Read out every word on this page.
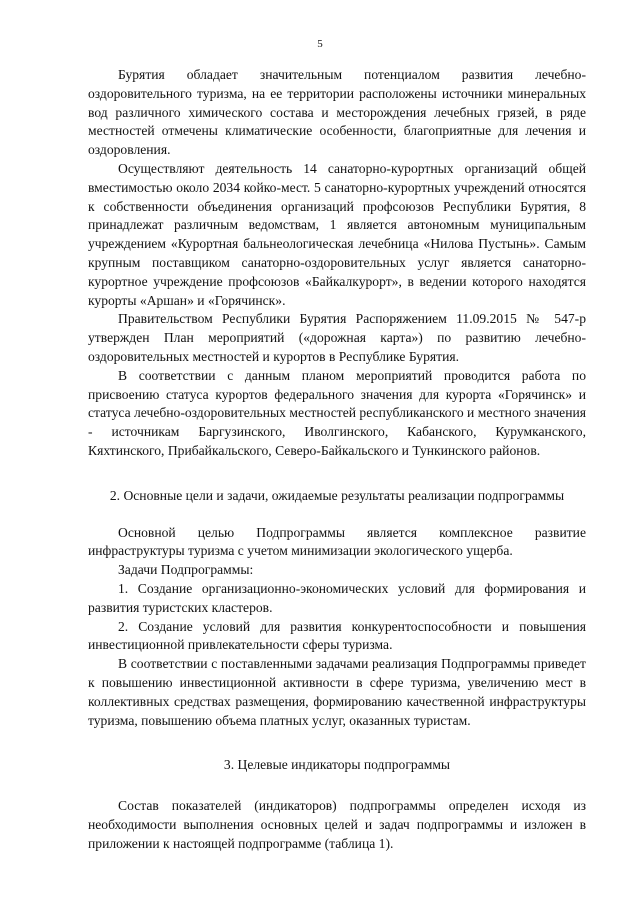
5

Бурятия обладает значительным потенциалом развития лечебно-оздоровительного туризма, на ее территории расположены источники минеральных вод различного химического состава и месторождения лечебных грязей, в ряде местностей отмечены климатические особенности, благоприятные для лечения и оздоровления.

Осуществляют деятельность 14 санаторно-курортных организаций общей вместимостью около 2034 койко-мест. 5 санаторно-курортных учреждений относятся к собственности объединения организаций профсоюзов Республики Бурятия, 8 принадлежат различным ведомствам, 1 является автономным муниципальным учреждением «Курортная бальнеологическая лечебница «Нилова Пустынь». Самым крупным поставщиком санаторно-оздоровительных услуг является санаторно-курортное учреждение профсоюзов «Байкалкурорт», в ведении которого находятся курорты «Аршан» и «Горячинск».

Правительством Республики Бурятия Распоряжением 11.09.2015 № 547-р утвержден План мероприятий («дорожная карта») по развитию лечебно-оздоровительных местностей и курортов в Республике Бурятия.

В соответствии с данным планом мероприятий проводится работа по присвоению статуса курортов федерального значения для курорта «Горячинск» и статуса лечебно-оздоровительных местностей республиканского и местного значения - источникам Баргузинского, Иволгинского, Кабанского, Курумканского, Кяхтинского, Прибайкальского, Северо-Байкальского и Тункинского районов.

2. Основные цели и задачи, ожидаемые результаты реализации подпрограммы

Основной целью Подпрограммы является комплексное развитие инфраструктуры туризма с учетом минимизации экологического ущерба.

Задачи Подпрограммы:

1. Создание организационно-экономических условий для формирования и развития туристских кластеров.

2. Создание условий для развития конкурентоспособности и повышения инвестиционной привлекательности сферы туризма.

В соответствии с поставленными задачами реализация Подпрограммы приведет к повышению инвестиционной активности в сфере туризма, увеличению мест в коллективных средствах размещения, формированию качественной инфраструктуры туризма, повышению объема платных услуг, оказанных туристам.

3. Целевые индикаторы подпрограммы

Состав показателей (индикаторов) подпрограммы определен исходя из необходимости выполнения основных целей и задач подпрограммы и изложен в приложении к настоящей подпрограмме (таблица 1).
